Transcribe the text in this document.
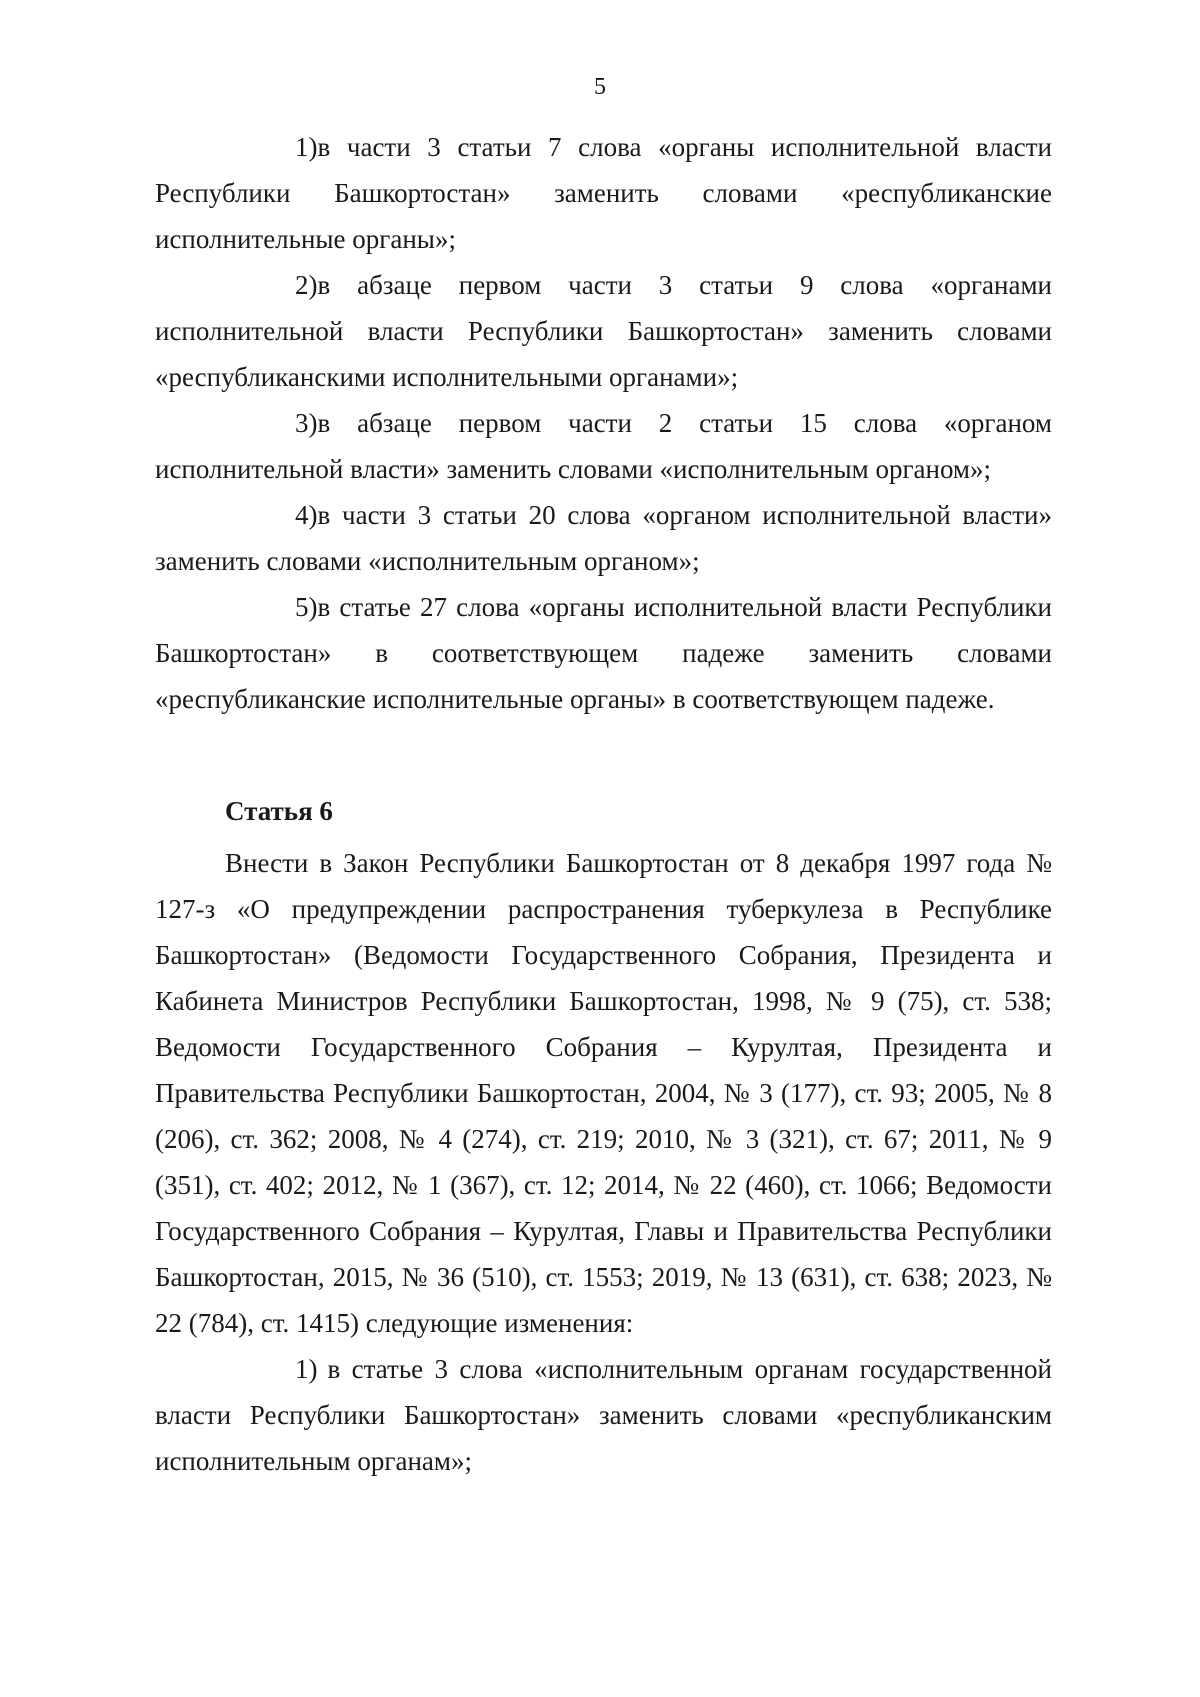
5

1)в части 3 статьи 7 слова «органы исполнительной власти Республики Башкортостан» заменить словами «республиканские исполнительные органы»;

2)в абзаце первом части 3 статьи 9 слова «органами исполнительной власти Республики Башкортостан» заменить словами «республиканскими исполнительными органами»;

3)в абзаце первом части 2 статьи 15 слова «органом исполнительной власти» заменить словами «исполнительным органом»;

4)в части 3 статьи 20 слова «органом исполнительной власти» заменить словами «исполнительным органом»;

5)в статье 27 слова «органы исполнительной власти Республики Башкортостан» в соответствующем падеже заменить словами «республиканские исполнительные органы» в соответствующем падеже.

Статья 6

Внести в Закон Республики Башкортостан от 8 декабря 1997 года № 127-з «О предупреждении распространения туберкулеза в Республике Башкортостан» (Ведомости Государственного Собрания, Президента и Кабинета Министров Республики Башкортостан, 1998, № 9 (75), ст. 538; Ведомости Государственного Собрания – Курултая, Президента и Правительства Республики Башкортостан, 2004, № 3 (177), ст. 93; 2005, № 8 (206), ст. 362; 2008, № 4 (274), ст. 219; 2010, № 3 (321), ст. 67; 2011, № 9 (351), ст. 402; 2012, № 1 (367), ст. 12; 2014, № 22 (460), ст. 1066; Ведомости Государственного Собрания – Курултая, Главы и Правительства Республики Башкортостан, 2015, № 36 (510), ст. 1553; 2019, № 13 (631), ст. 638; 2023, № 22 (784), ст. 1415) следующие изменения:

1) в статье 3 слова «исполнительным органам государственной власти Республики Башкортостан» заменить словами «республиканским исполнительным органам»;
